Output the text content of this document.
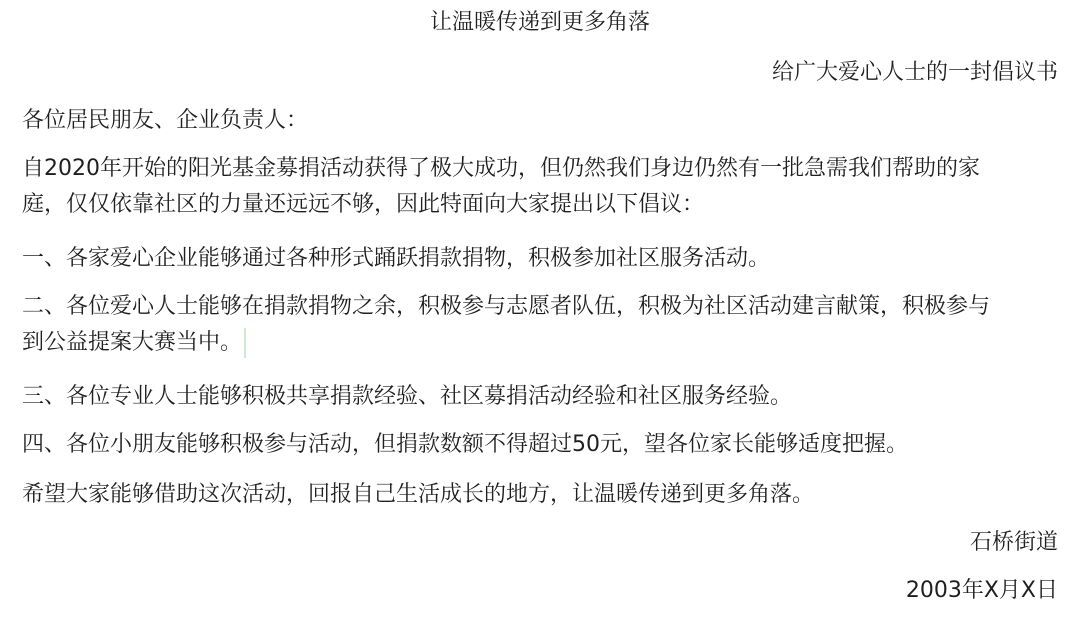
让温暖传递到更多角落
给广大爱心人士的一封倡议书
各位居民朋友、企业负责人：
自2020年开始的阳光基金募捐活动获得了极大成功，但仍然我们身边仍然有一批急需我们帮助的家
庭，仅仅依靠社区的力量还远远不够，因此特面向大家提出以下倡议：
一、各家爱心企业能够通过各种形式踊跃捐款捐物，积极参加社区服务活动。
二、各位爱心人士能够在捐款捐物之余，积极参与志愿者队伍，积极为社区活动建言献策，积极参与
到公益提案大赛当中。
三、各位专业人士能够积极共享捐款经验、社区募捐活动经验和社区服务经验。
四、各位小朋友能够积极参与活动，但捐款数额不得超过50元，望各位家长能够适度把握。
希望大家能够借助这次活动，回报自己生活成长的地方，让温暖传递到更多角落。
石桥街道
2003年X月X日
